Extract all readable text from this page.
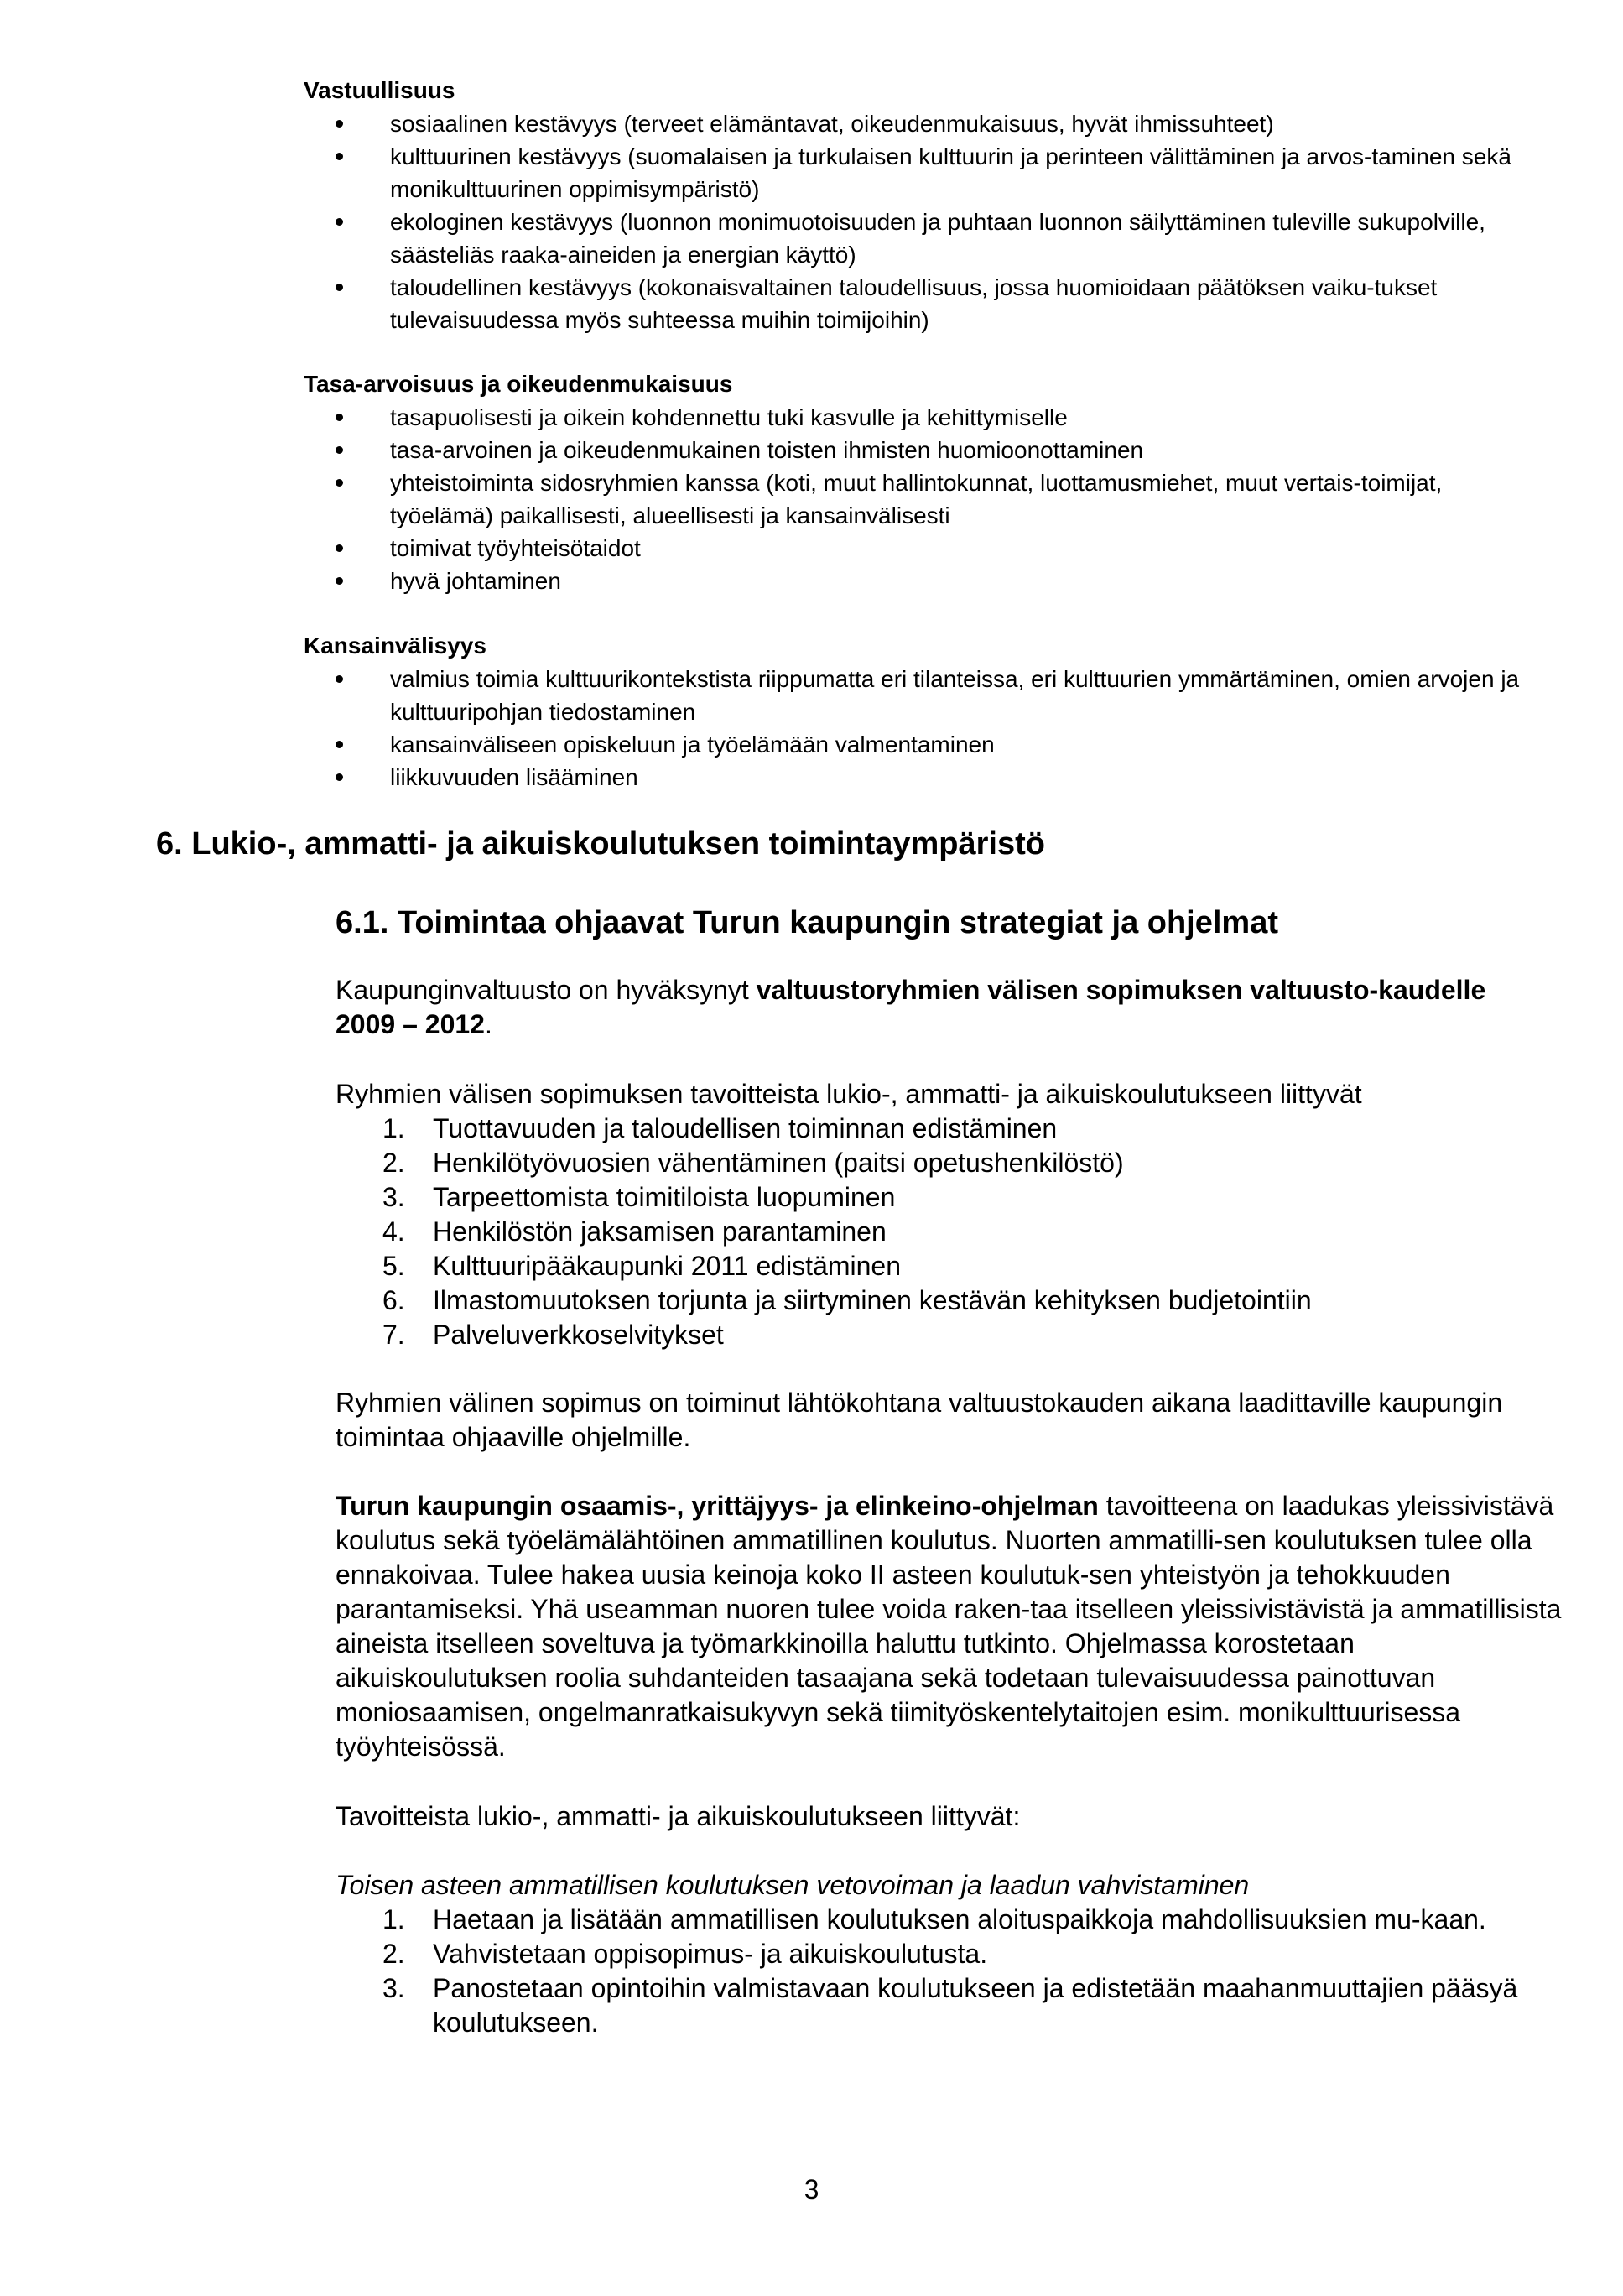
Vastuullisuus

sosiaalinen kestävyys (terveet elämäntavat, oikeudenmukaisuus, hyvät ihmissuhteet)
kulttuurinen kestävyys (suomalaisen ja turkulaisen kulttuurin ja perinteen välittäminen ja arvos-taminen sekä monikulttuurinen oppimisympäristö)
ekologinen kestävyys (luonnon monimuotoisuuden ja puhtaan luonnon säilyttäminen tuleville sukupolville, säästeliäs raaka-aineiden ja energian käyttö)
taloudellinen kestävyys (kokonaisvaltainen taloudellisuus, jossa huomioidaan päätöksen vaiku-tukset tulevaisuudessa myös suhteessa muihin toimijoihin)

Tasa-arvoisuus ja oikeudenmukaisuus

tasapuolisesti ja oikein kohdennettu tuki kasvulle ja kehittymiselle
tasa-arvoinen ja oikeudenmukainen toisten ihmisten huomioonottaminen
yhteistoiminta sidosryhmien kanssa (koti, muut hallintokunnat, luottamusmiehet, muut vertais-toimijat, työelämä) paikallisesti, alueellisesti ja kansainvälisesti
toimivat työyhteisötaidot
hyvä johtaminen

Kansainvälisyys

valmius toimia kulttuurikontekstista riippumatta eri tilanteissa, eri kulttuurien ymmärtäminen, omien arvojen ja kulttuuripohjan tiedostaminen
kansainväliseen opiskeluun ja työelämään valmentaminen
liikkuvuuden lisääminen
6. Lukio-, ammatti- ja aikuiskoulutuksen toimintaympäristö
6.1. Toimintaa ohjaavat Turun kaupungin strategiat ja ohjelmat

Kaupunginvaltuusto on hyväksynyt valtuustoryhmien välisen sopimuksen valtuusto-kaudelle 2009 – 2012.

Ryhmien välisen sopimuksen tavoitteista lukio-, ammatti- ja aikuiskoulutukseen liittyvät

1. Tuottavuuden ja taloudellisen toiminnan edistäminen
2. Henkilötyövuosien vähentäminen (paitsi opetushenkilöstö)
3. Tarpeettomista toimitiloista luopuminen
4. Henkilöstön jaksamisen parantaminen
5. Kulttuuripääkaupunki 2011 edistäminen
6. Ilmastomuutoksen torjunta ja siirtyminen kestävän kehityksen budjetointiin
7. Palveluverkkoselvitykset

Ryhmien välinen sopimus on toiminut lähtökohtana valtuustokauden aikana laadittaville kaupungin toimintaa ohjaaville ohjelmille.

Turun kaupungin osaamis-, yrittäjyys- ja elinkeino-ohjelman tavoitteena on laadukas yleissivistävä koulutus sekä työelämälähtöinen ammatillinen koulutus. Nuorten ammatilli-sen koulutuksen tulee olla ennakoivaa. Tulee hakea uusia keinoja koko II asteen koulutuk-sen yhteistyön ja tehokkuuden parantamiseksi. Yhä useamman nuoren tulee voida raken-taa itselleen yleissivistävistä ja ammatillisista aineista itselleen soveltuva ja työmarkkinoilla haluttu tutkinto. Ohjelmassa korostetaan aikuiskoulutuksen roolia suhdanteiden tasaajana sekä todetaan tulevaisuudessa painottuvan moniosaamisen, ongelmanratkaisukyvyn sekä tiimityöskentelytaitojen esim. monikulttuurisessa työyhteisössä.

Tavoitteista lukio-, ammatti- ja aikuiskoulutukseen liittyvät:

Toisen asteen ammatillisen koulutuksen vetovoiman ja laadun vahvistaminen

1. Haetaan ja lisätään ammatillisen koulutuksen aloituspaikkoja mahdollisuuksien mu-kaan.
2. Vahvistetaan oppisopimus- ja aikuiskoulutusta.
3. Panostetaan opintoihin valmistavaan koulutukseen ja edistetään maahanmuuttajien pääsyä koulutukseen.

3
